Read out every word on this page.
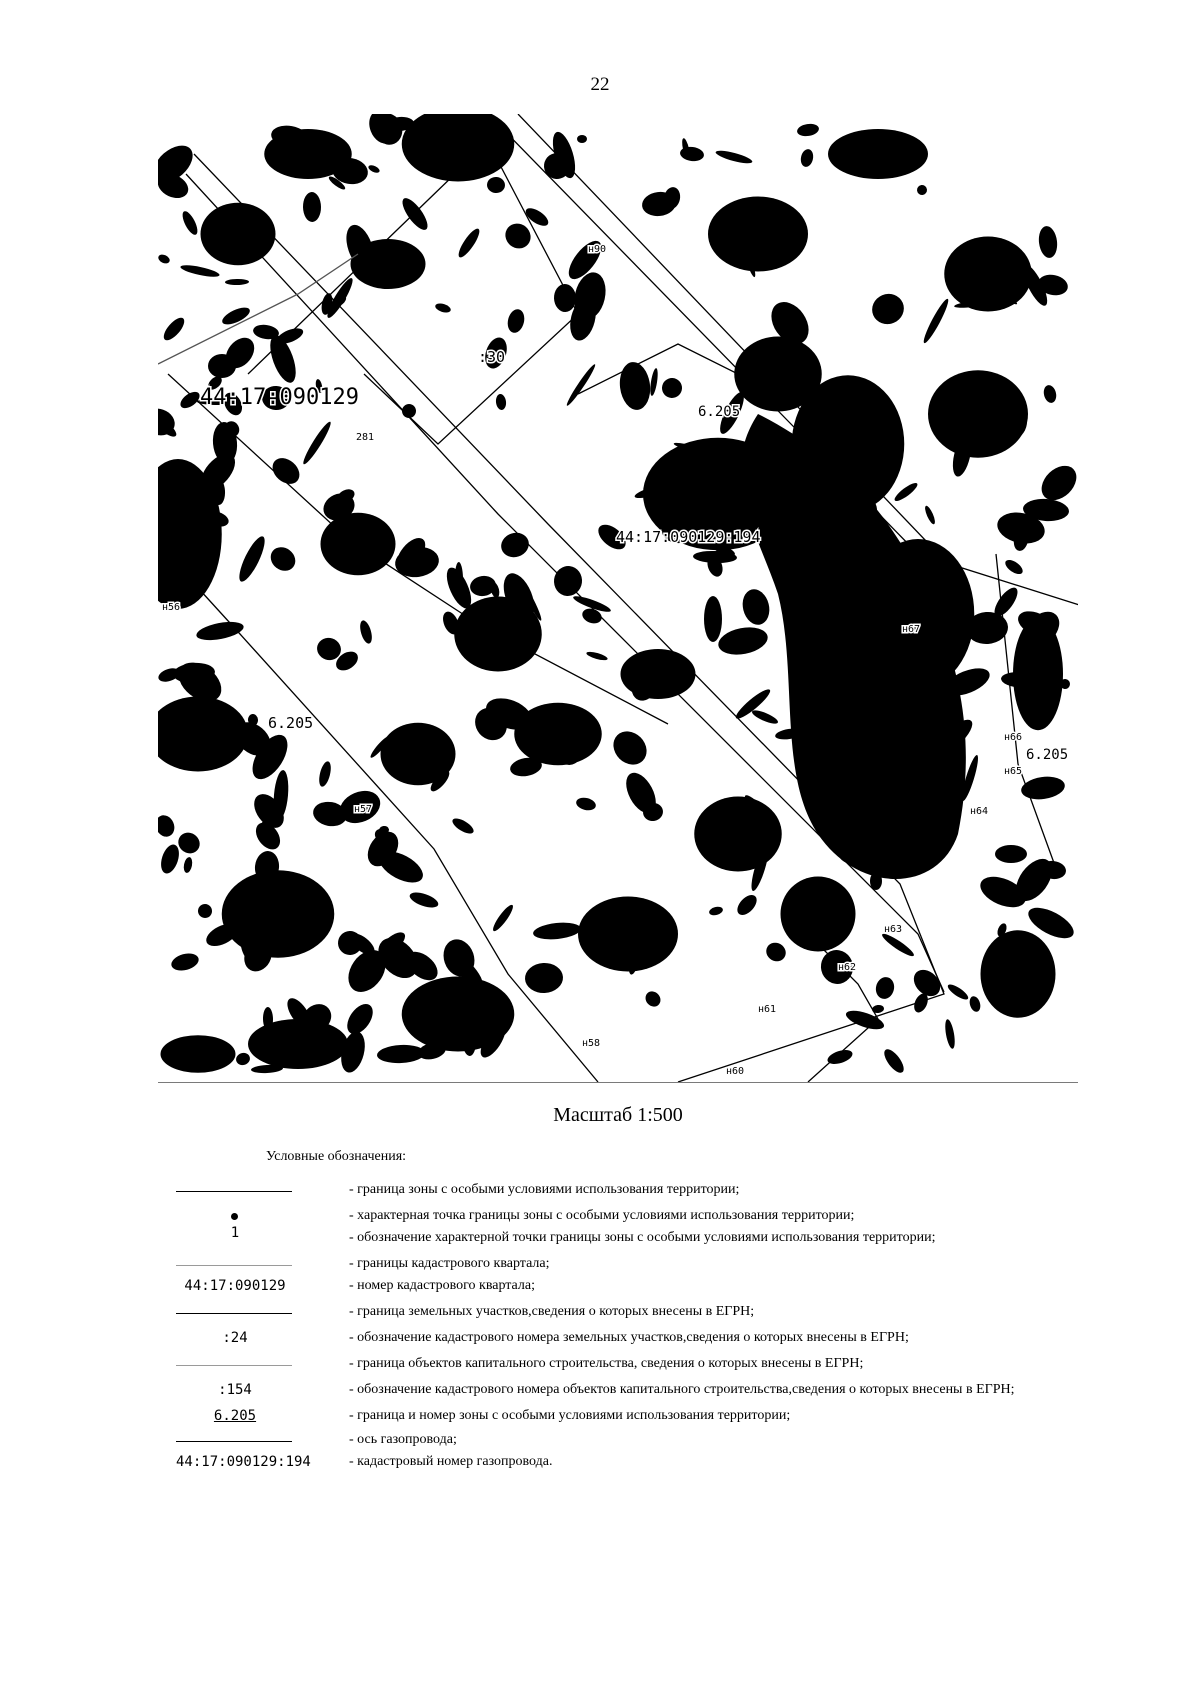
22
44:17:090129
44:17:090129:194
:30
6.205
6.205
6.205
281
н56
н57
н58
н60
н61
н62
н63
н64
н65
н66
н67
н90
Масштаб 1:500
Условные обозначения:
- граница зоны с особыми условиями использования территории;
- характерная точка границы зоны с особыми условиями использования территории;
1	- обозначение характерной точки границы зоны с особыми условиями использования территории;
- границы кадастрового квартала;
44:17:090129	- номер кадастрового квартала;
- граница земельных участков,сведения о которых внесены в ЕГРН;
:24	- обозначение кадастрового номера земельных участков,сведения о которых внесены в ЕГРН;
- граница объектов капитального строительства, сведения о которых внесены в ЕГРН;
:154	- обозначение кадастрового номера объектов капитального строительства,сведения о которых внесены в ЕГРН;
6.205	- граница и номер зоны с особыми условиями использования территории;
- ось газопровода;
44:17:090129:194	- кадастровый номер газопровода.
